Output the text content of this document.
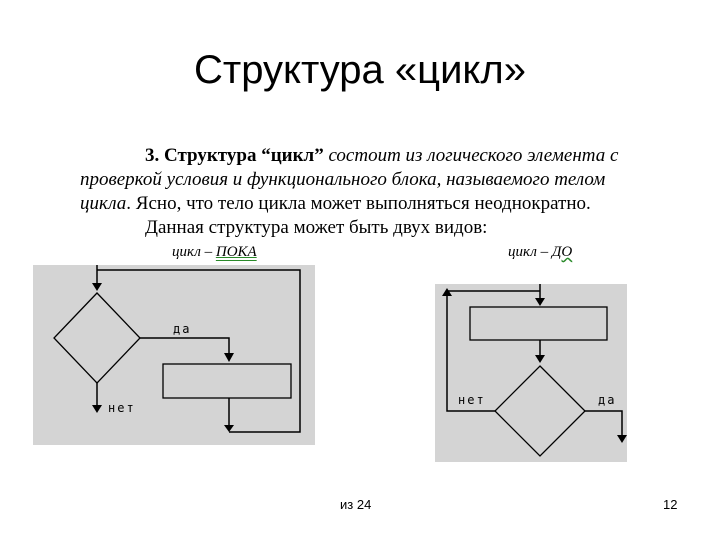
Структура «цикл»
3. Структура “цикл” состоит из логического элемента с
проверкой условия и функционального блока, называемого телом
цикла. Ясно, что тело цикла может выполняться неоднократно.
Данная структура может быть двух видов:
цикл – ПОКА	цикл – ДО
да
нет
нет	да
из 24	12
